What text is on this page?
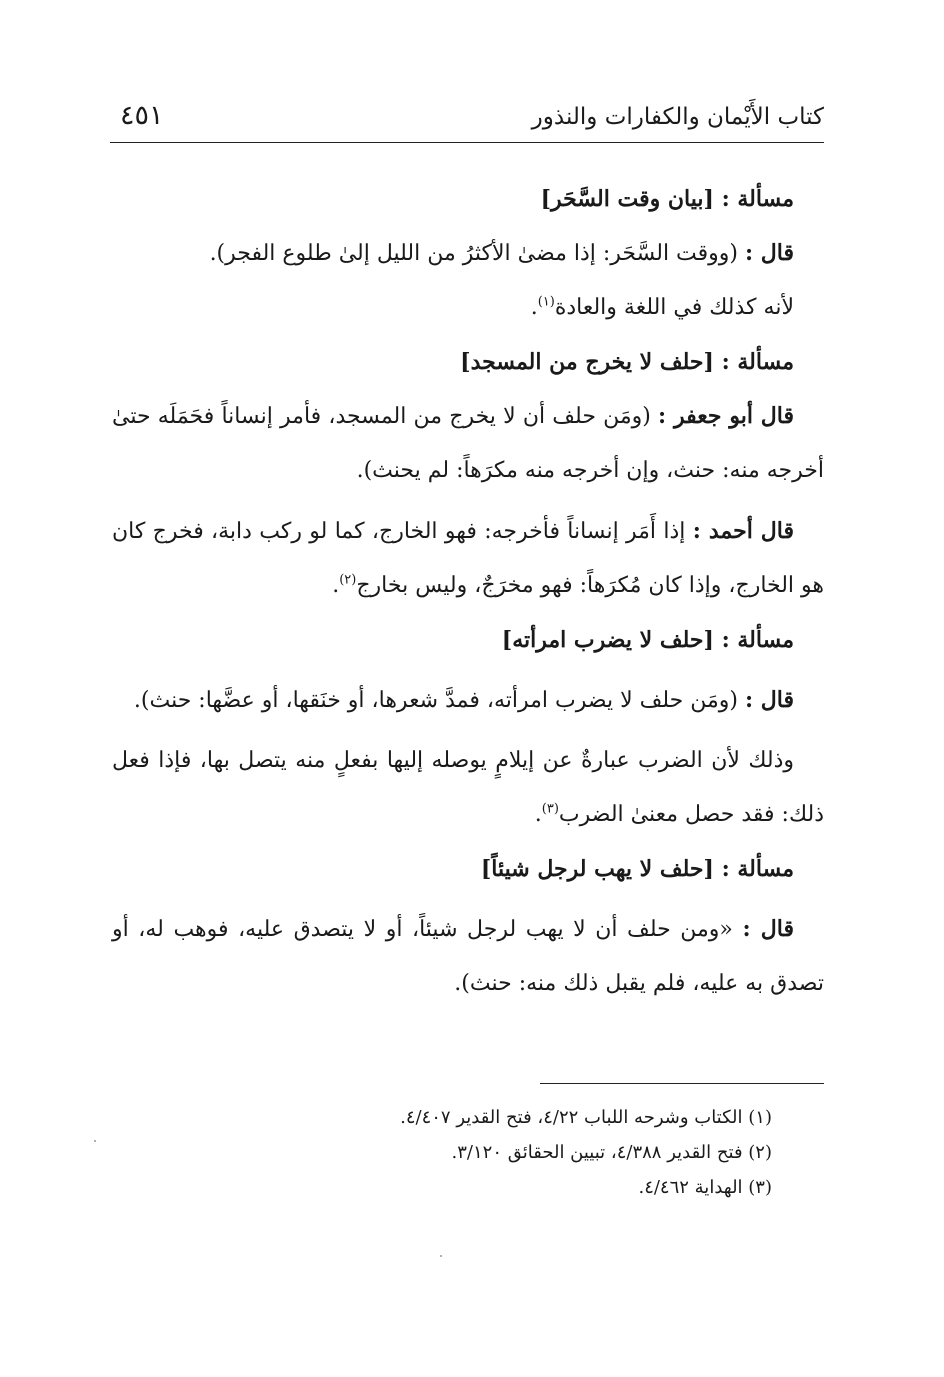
كتاب الأَيْمان والكفارات والنذور
٤٥١
مسألة : [بيان وقت السَّحَر]
قال : (ووقت السَّحَر: إذا مضىٰ الأكثرُ من الليل إلىٰ طلوع الفجر).
لأنه كذلك في اللغة والعادة$^{(١)}$.
مسألة : [حلف لا يخرج من المسجد]
قال أبو جعفر : (ومَن حلف أن لا يخرج من المسجد، فأمر إنساناً فحَمَلَه حتىٰ أخرجه منه: حنث، وإن أخرجه منه مكرَهاً: لم يحنث).
قال أحمد : إذا أَمَر إنساناً فأخرجه: فهو الخارج، كما لو ركب دابة، فخرج كان هو الخارج، وإذا كان مُكرَهاً: فهو مخرَجٌ، وليس بخارج$^{(٢)}$.
مسألة : [حلف لا يضرب امرأته]
قال : (ومَن حلف لا يضرب امرأته، فمدَّ شعرها، أو خنَقها، أو عضَّها: حنث).
وذلك لأن الضرب عبارةٌ عن إيلامٍ يوصله إليها بفعلٍ منه يتصل بها، فإذا فعل ذلك: فقد حصل معنىٰ الضرب$^{(٣)}$.
مسألة : [حلف لا يهب لرجل شيئاً]
قال : «ومن حلف أن لا يهب لرجل شيئاً، أو لا يتصدق عليه، فوهب له، أو تصدق به عليه، فلم يقبل ذلك منه: حنث).
(١) الكتاب وشرحه اللباب ٤/٢٢، فتح القدير ٤/٤٠٧.
(٢) فتح القدير ٤/٣٨٨، تبيين الحقائق ٣/١٢٠.
(٣) الهداية ٤/٤٦٢.
